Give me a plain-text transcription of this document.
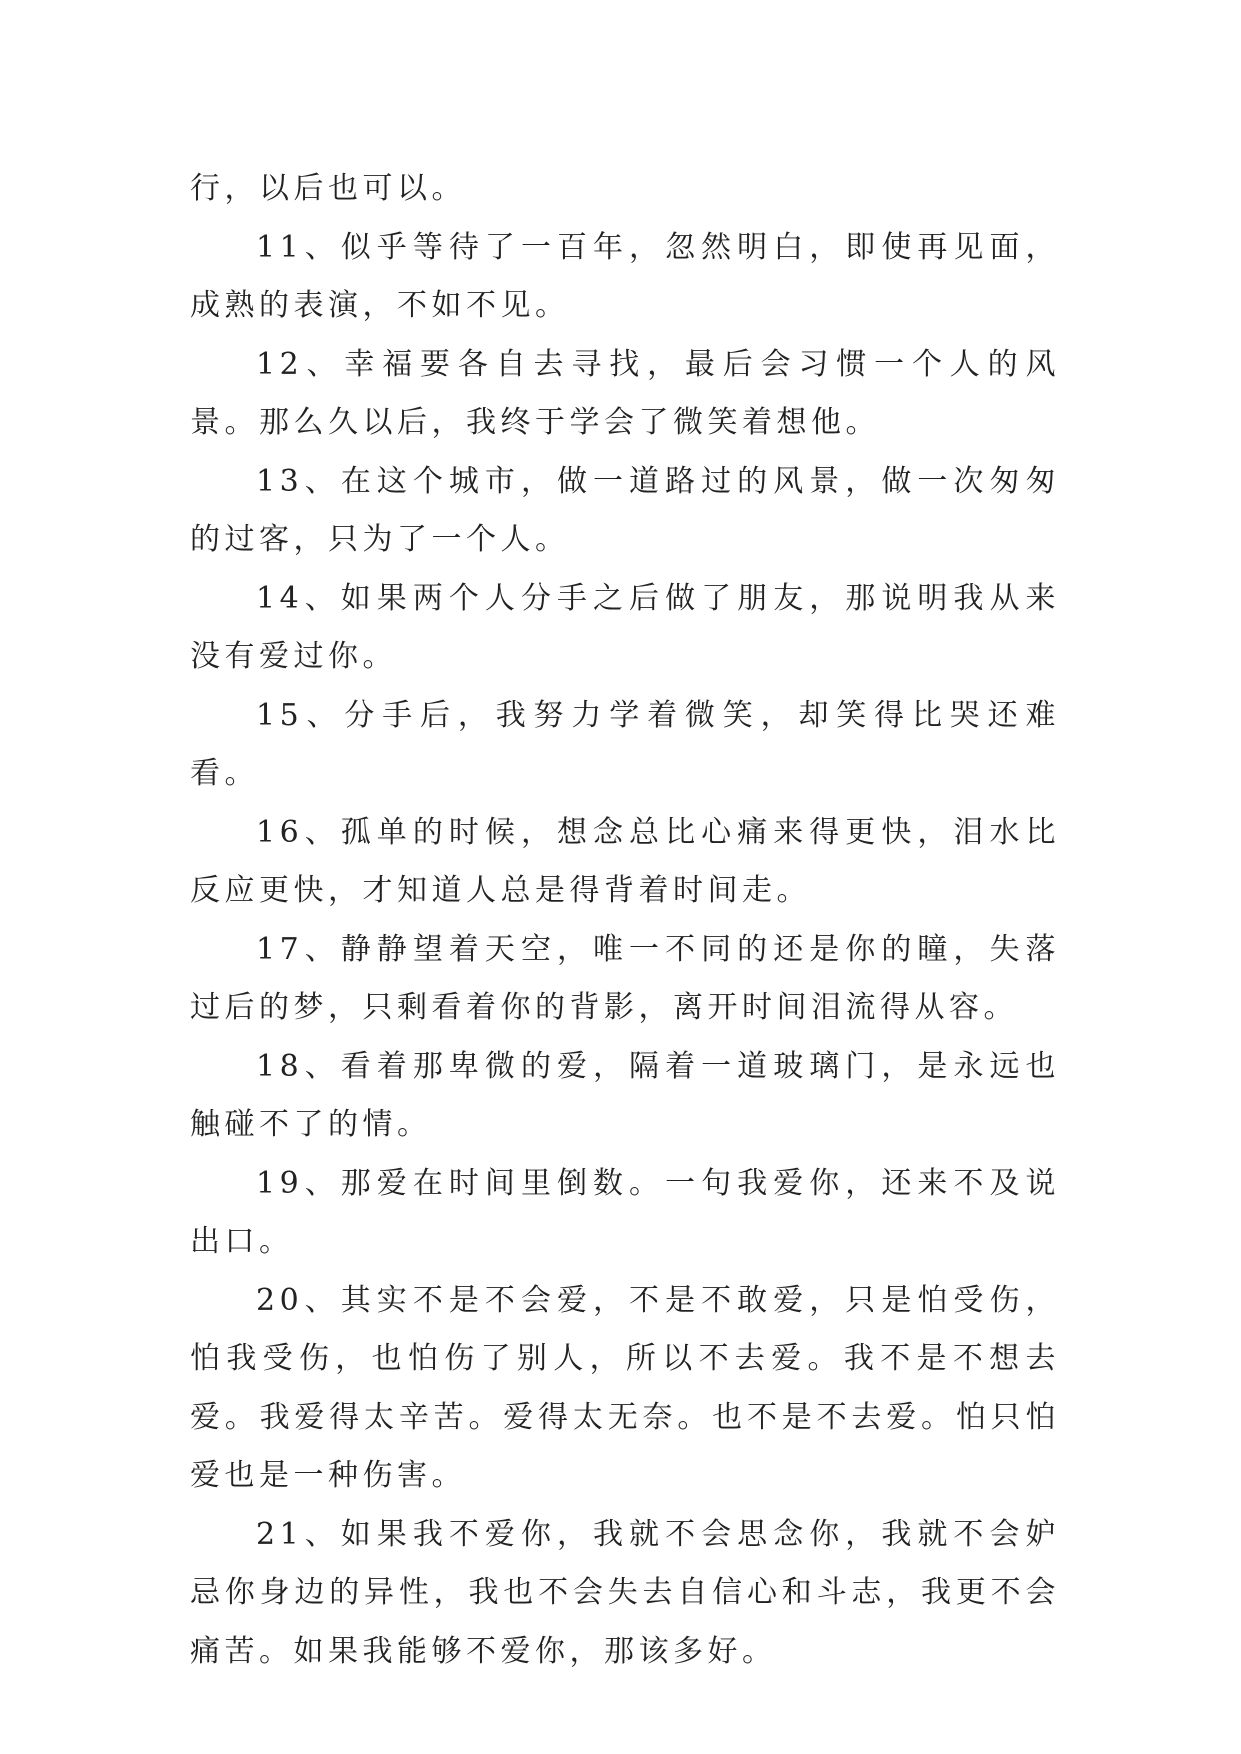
行，以后也可以。

11、似乎等待了一百年，忽然明白，即使再见面，成熟的表演，不如不见。

12、幸福要各自去寻找，最后会习惯一个人的风景。那么久以后，我终于学会了微笑着想他。

13、在这个城市，做一道路过的风景，做一次匆匆的过客，只为了一个人。

14、如果两个人分手之后做了朋友，那说明我从来没有爱过你。

15、分手后，我努力学着微笑，却笑得比哭还难看。

16、孤单的时候，想念总比心痛来得更快，泪水比反应更快，才知道人总是得背着时间走。

17、静静望着天空，唯一不同的还是你的瞳，失落过后的梦，只剩看着你的背影，离开时间泪流得从容。

18、看着那卑微的爱，隔着一道玻璃门，是永远也触碰不了的情。

19、那爱在时间里倒数。一句我爱你，还来不及说出口。

20、其实不是不会爱，不是不敢爱，只是怕受伤，怕我受伤，也怕伤了别人，所以不去爱。我不是不想去爱。我爱得太辛苦。爱得太无奈。也不是不去爱。怕只怕爱也是一种伤害。

21、如果我不爱你，我就不会思念你，我就不会妒忌你身边的异性，我也不会失去自信心和斗志，我更不会痛苦。如果我能够不爱你，那该多好。
